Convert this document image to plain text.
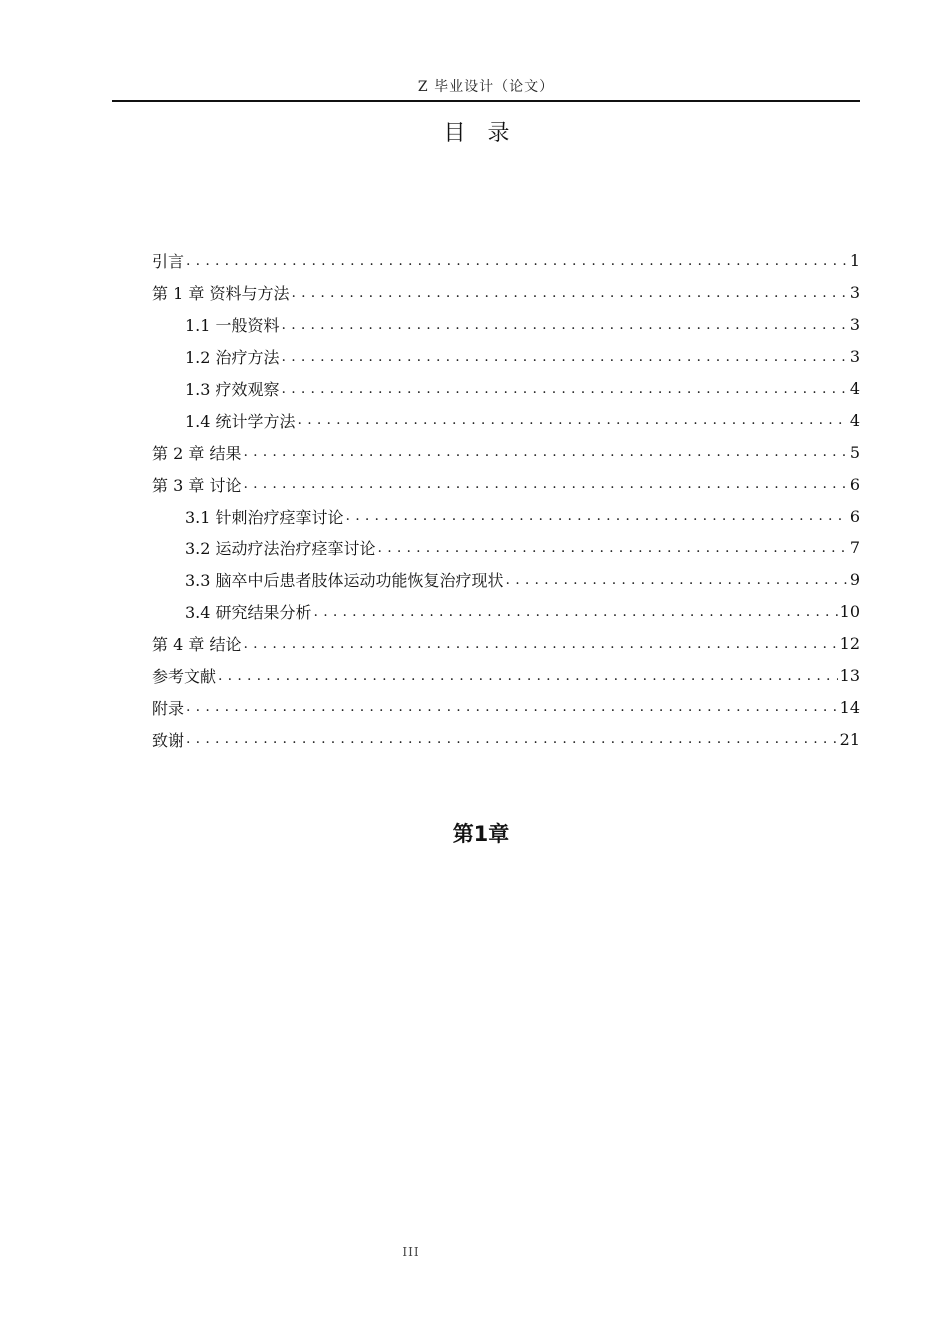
Z 毕业设计（论文）
目录
引言 .....	1
第 1 章 资料与方法 .....	3
1.1 一般资料 .....	3
1.2 治疗方法 .....	3
1.3 疗效观察 .....	4
1.4 统计学方法 .....	4
第 2 章 结果 .....	5
第 3 章 讨论 .....	6
3.1 针刺治疗痉挛讨论 .....	6
3.2 运动疗法治疗痉挛讨论 .....	7
3.3 脑卒中后患者肢体运动功能恢复治疗现状 .....	9
3.4 研究结果分析 .....	10
第 4 章 结论 .....	12
参考文献 .....	13
附录 .....	14
致谢 .....	21
第1章
III
